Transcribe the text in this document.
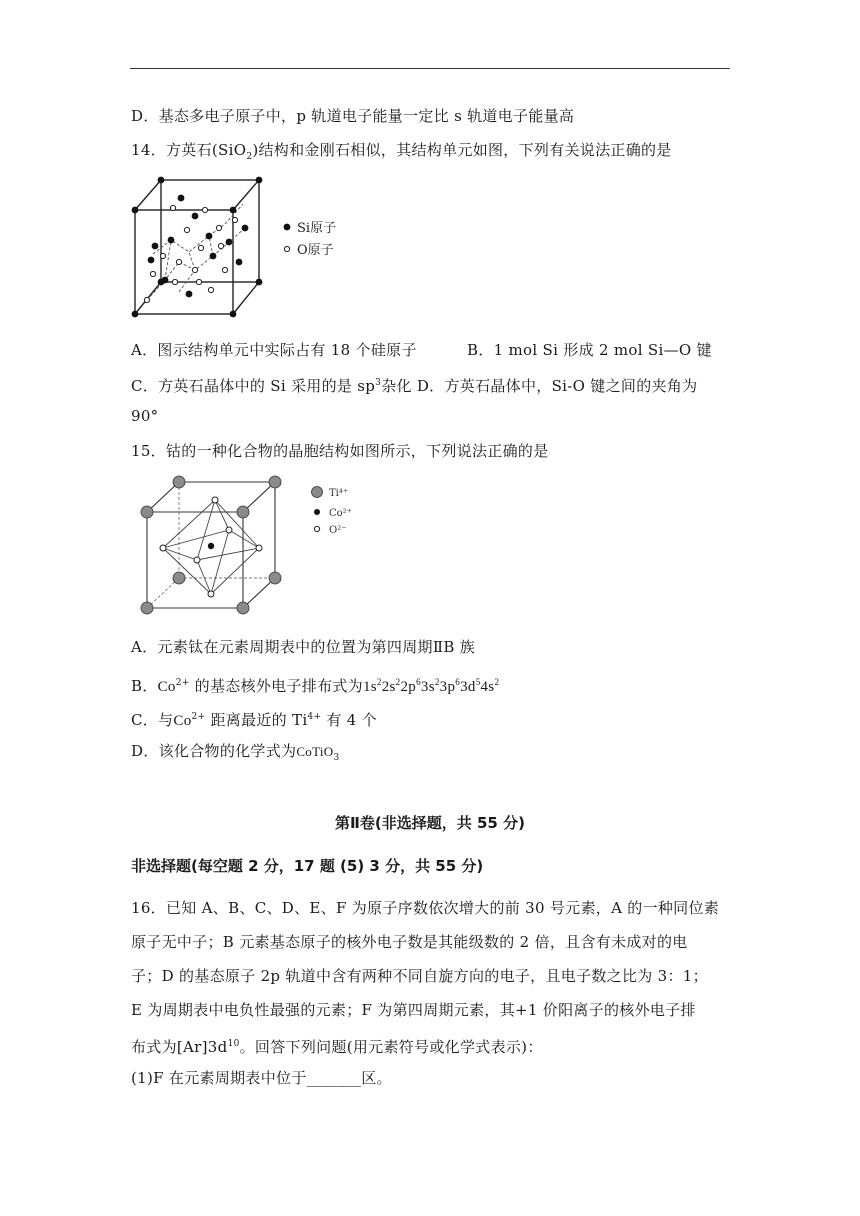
D．基态多电子原子中，p 轨道电子能量一定比 s 轨道电子能量高
14．方英石(SiO$_2$)结构和金刚石相似，其结构单元如图，下列有关说法正确的是
Si原子
O原子
A．图示结构单元中实际占有 18 个硅原子	B．1 mol Si 形成 2 mol Si—O 键
C．方英石晶体中的 Si 采用的是 $sp^3$杂化 D．方英石晶体中，Si-O 键之间的夹角为
90°
15．钴的一种化合物的晶胞结构如图所示，下列说法正确的是
Ti⁴⁺
Co²⁺
O²⁻
A．元素钛在元素周期表中的位置为第四周期ⅡB 族
B．$Co^{2+}$ 的基态核外电子排布式为$1s^22s^22p^63s^23p^63d^54s^2$
C．与$Co^{2+}$ 距离最近的 $Ti^{4+}$ 有 4 个
D．该化合物的化学式为CoTiO$_3$
第Ⅱ卷(非选择题，共 55 分)
非选择题(每空题 2 分，17 题 (5) 3 分，共 55 分)
16．已知 A、B、C、D、E、F 为原子序数依次增大的前 30 号元素，A 的一种同位素
原子无中子；B 元素基态原子的核外电子数是其能级数的 2 倍，且含有未成对的电
子；D 的基态原子 2p 轨道中含有两种不同自旋方向的电子，且电子数之比为 3：1；
E 为周期表中电负性最强的元素；F 为第四周期元素，其+1 价阳离子的核外电子排
布式为$[Ar]3d^{10}$。回答下列问题(用元素符号或化学式表示)：
(1)F 在元素周期表中位于_______区。
